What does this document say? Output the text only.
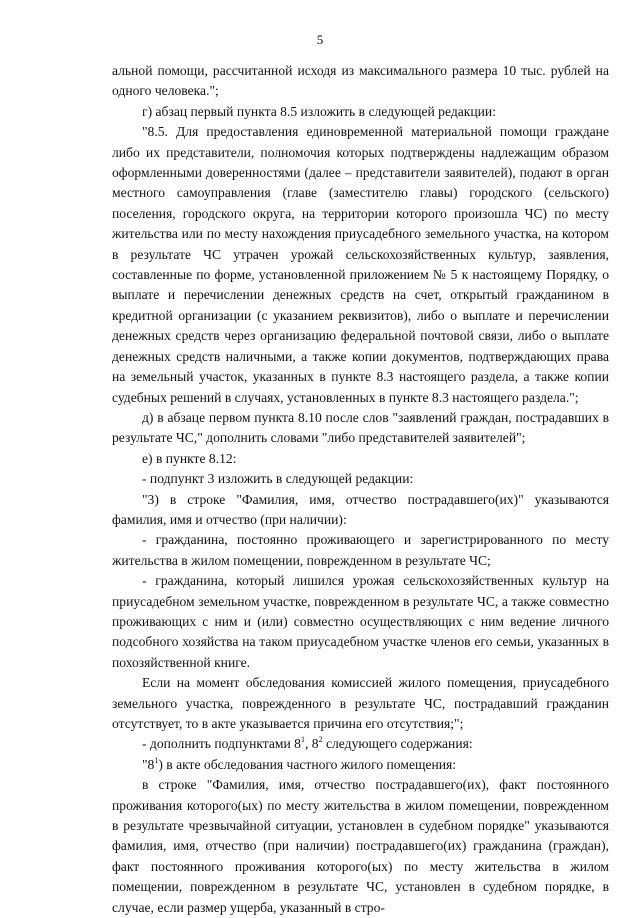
5

альной помощи, рассчитанной исходя из максимального размера 10 тыс. рублей на одного человека.";

г) абзац первый пункта 8.5 изложить в следующей редакции:

"8.5. Для предоставления единовременной материальной помощи граждане либо их представители, полномочия которых подтверждены надлежащим образом оформленными доверенностями (далее – представители заявителей), подают в орган местного самоуправления (главе (заместителю главы) городского (сельского) поселения, городского округа, на территории которого произошла ЧС) по месту жительства или по месту нахождения приусадебного земельного участка, на котором в результате ЧС утрачен урожай сельскохозяйственных культур, заявления, составленные по форме, установленной приложением № 5 к настоящему Порядку, о выплате и перечислении денежных средств на счет, открытый гражданином в кредитной организации (с указанием реквизитов), либо о выплате и перечислении денежных средств через организацию федеральной почтовой связи, либо о выплате денежных средств наличными, а также копии документов, подтверждающих права на земельный участок, указанных в пункте 8.3 настоящего раздела, а также копии судебных решений в случаях, установленных в пункте 8.3 настоящего раздела.";

д) в абзаце первом пункта 8.10 после слов "заявлений граждан, пострадавших в результате ЧС," дополнить словами "либо представителей заявителей";

е) в пункте 8.12:

- подпункт 3 изложить в следующей редакции:

"3) в строке "Фамилия, имя, отчество пострадавшего(их)" указываются фамилия, имя и отчество (при наличии):

- гражданина, постоянно проживающего и зарегистрированного по месту жительства в жилом помещении, поврежденном в результате ЧС;

- гражданина, который лишился урожая сельскохозяйственных культур на приусадебном земельном участке, поврежденном в результате ЧС, а также совместно проживающих с ним и (или) совместно осуществляющих с ним ведение личного подсобного хозяйства на таком приусадебном участке членов его семьи, указанных в похозяйственной книге.

Если на момент обследования комиссией жилого помещения, приусадебного земельного участка, поврежденного в результате ЧС, пострадавший гражданин отсутствует, то в акте указывается причина его отсутствия;";

- дополнить подпунктами $8^1$, $8^2$ следующего содержания:

"$8^1$) в акте обследования частного жилого помещения:

в строке "Фамилия, имя, отчество пострадавшего(их), факт постоянного проживания которого(ых) по месту жительства в жилом помещении, поврежденном в результате чрезвычайной ситуации, установлен в судебном порядке" указываются фамилия, имя, отчество (при наличии) пострадавшего(их) гражданина (граждан), факт постоянного проживания которого(ых) по месту жительства в жилом помещении, поврежденном в результате ЧС, установлен в судебном порядке, в случае, если размер ущерба, указанный в стро-
